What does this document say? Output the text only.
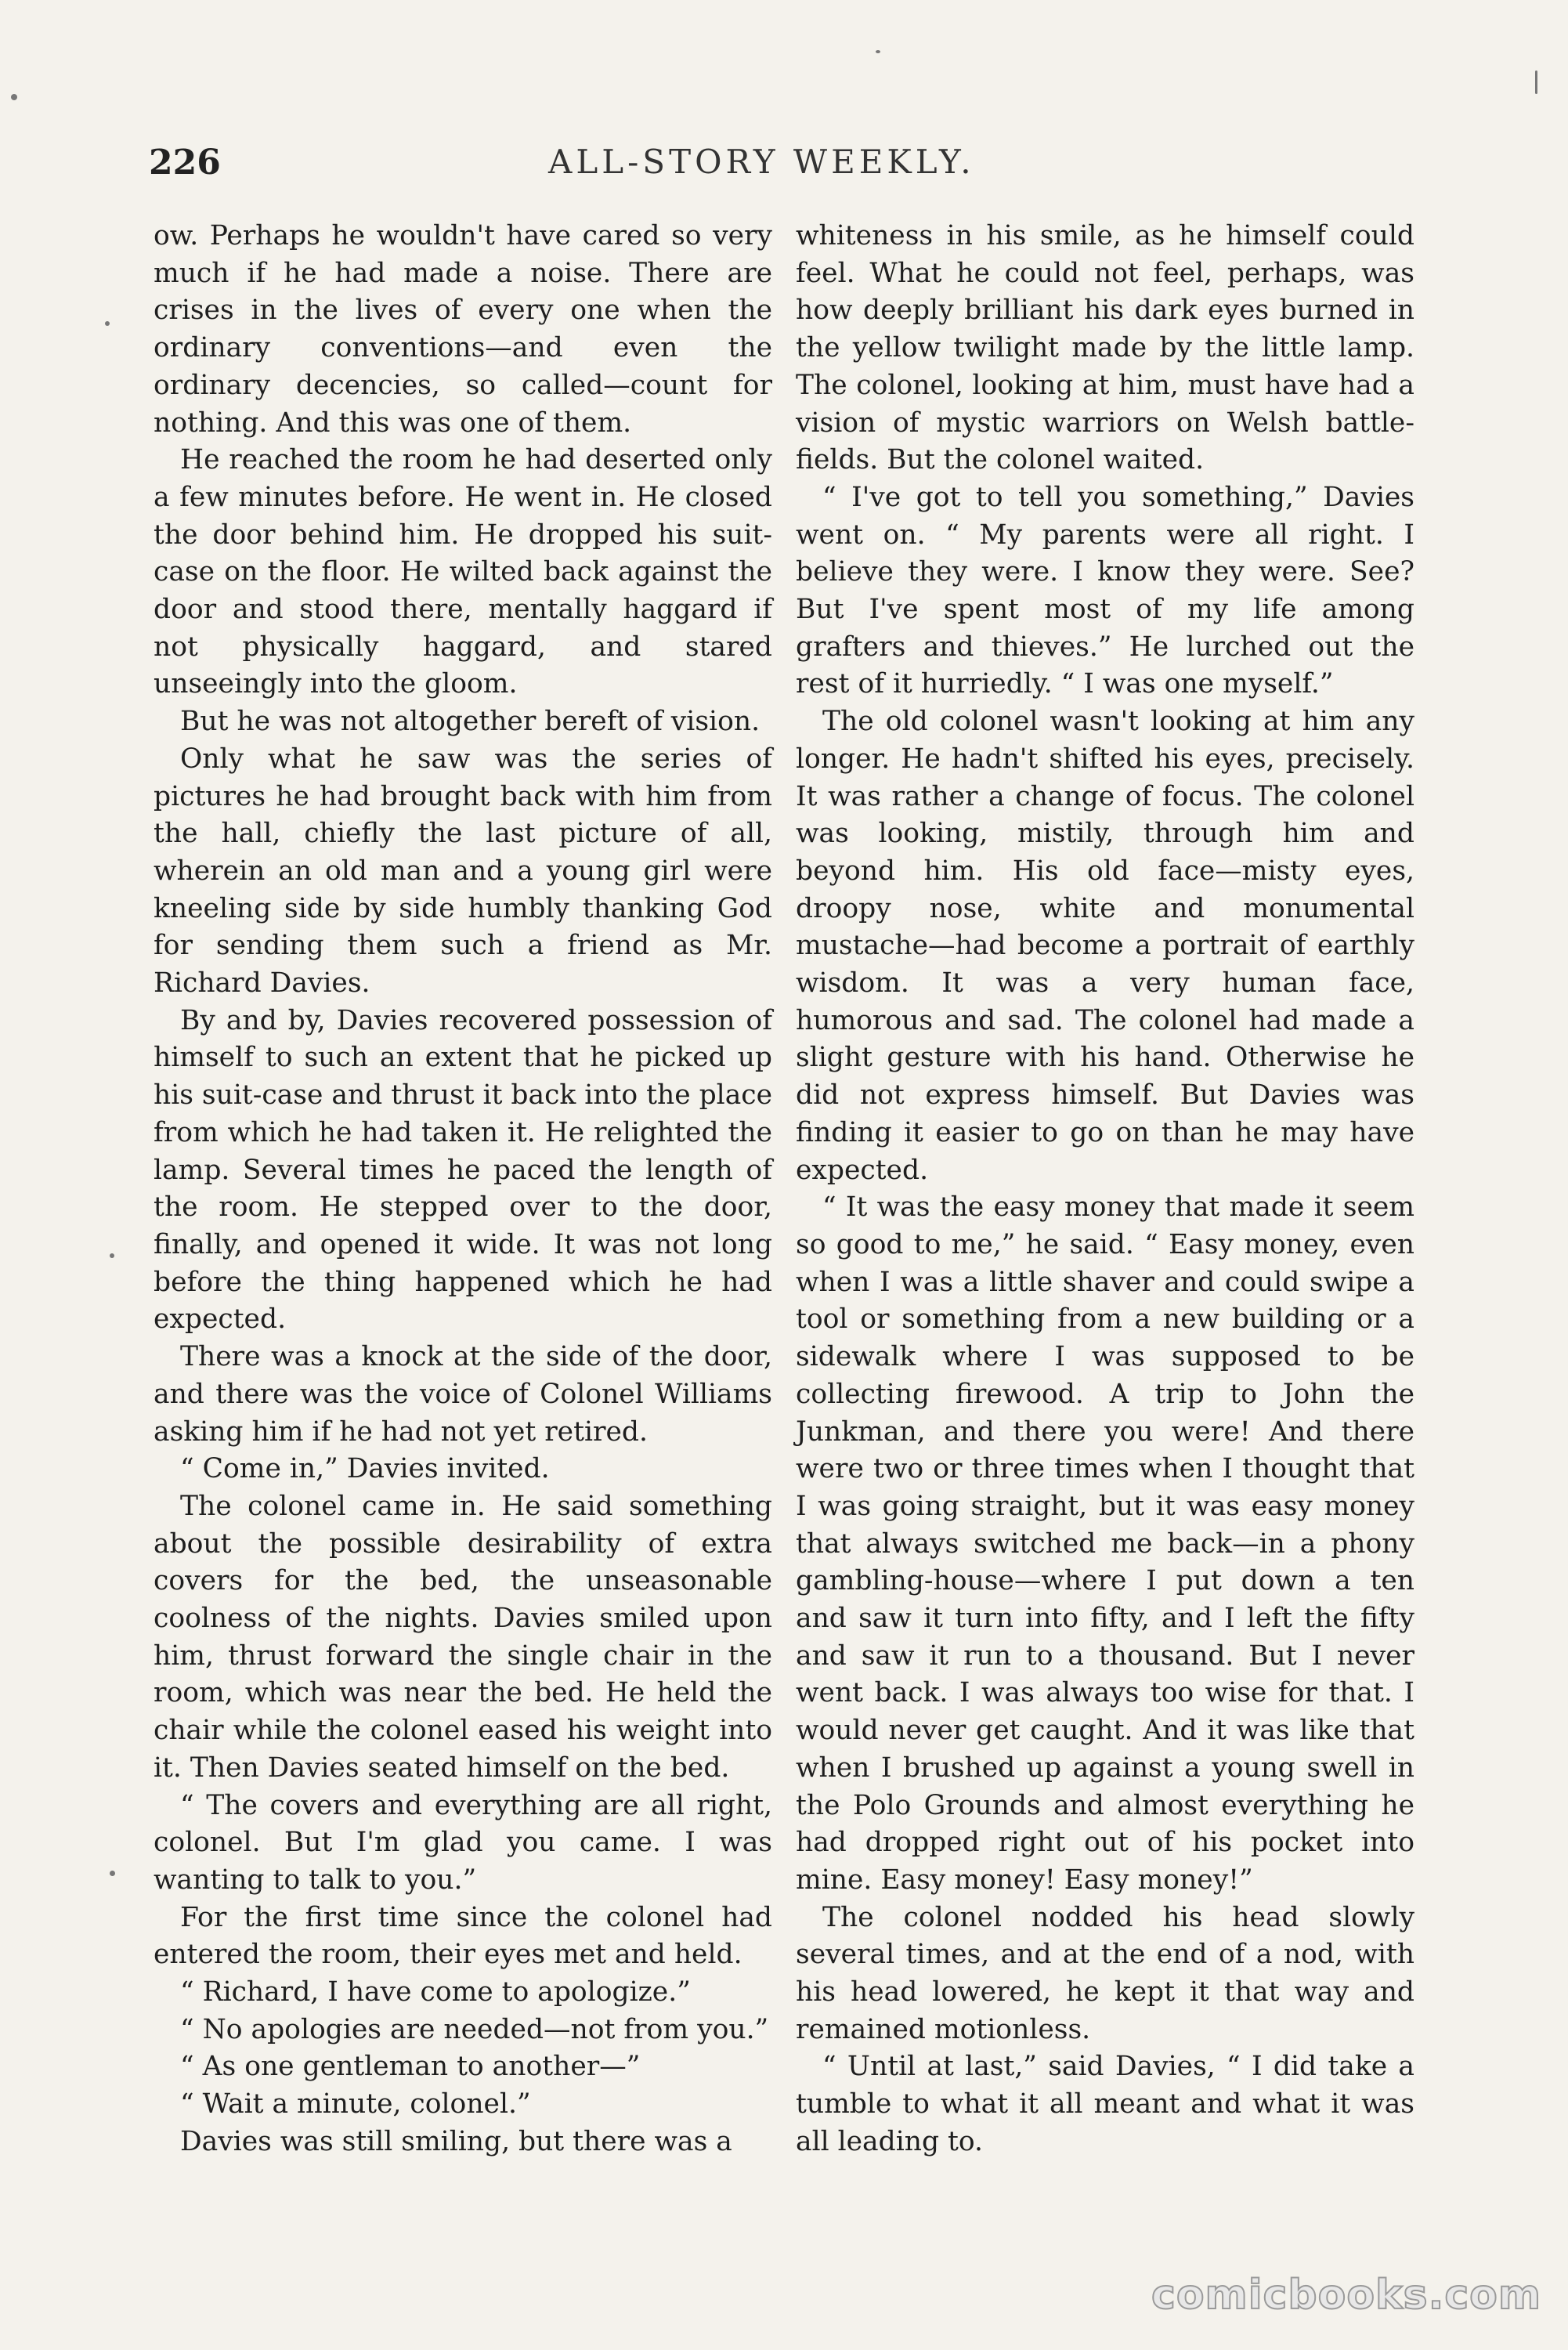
226	ALL-STORY WEEKLY.

ow. Perhaps he wouldn't have cared so very much if he had made a noise. There are crises in the lives of every one when the ordinary conventions—and even the ordinary decencies, so called—count for nothing. And this was one of them.

He reached the room he had deserted only a few minutes before. He went in. He closed the door behind him. He dropped his suit-case on the floor. He wilted back against the door and stood there, mentally haggard if not physically haggard, and stared unseeingly into the gloom.

But he was not altogether bereft of vision.

Only what he saw was the series of pictures he had brought back with him from the hall, chiefly the last picture of all, wherein an old man and a young girl were kneeling side by side humbly thanking God for sending them such a friend as Mr. Richard Davies.

By and by, Davies recovered possession of himself to such an extent that he picked up his suit-case and thrust it back into the place from which he had taken it. He relighted the lamp. Several times he paced the length of the room. He stepped over to the door, finally, and opened it wide. It was not long before the thing happened which he had expected.

There was a knock at the side of the door, and there was the voice of Colonel Williams asking him if he had not yet retired.

“ Come in,” Davies invited.

The colonel came in. He said something about the possible desirability of extra covers for the bed, the unseasonable coolness of the nights. Davies smiled upon him, thrust forward the single chair in the room, which was near the bed. He held the chair while the colonel eased his weight into it. Then Davies seated himself on the bed.

“ The covers and everything are all right, colonel. But I'm glad you came. I was wanting to talk to you.”

For the first time since the colonel had entered the room, their eyes met and held.

“ Richard, I have come to apologize.”

“ No apologies are needed—not from you.”

“ As one gentleman to another—”

“ Wait a minute, colonel.”

Davies was still smiling, but there was a

whiteness in his smile, as he himself could feel. What he could not feel, perhaps, was how deeply brilliant his dark eyes burned in the yellow twilight made by the little lamp. The colonel, looking at him, must have had a vision of mystic warriors on Welsh battle-fields. But the colonel waited.

“ I've got to tell you something,” Davies went on. “ My parents were all right. I believe they were. I know they were. See? But I've spent most of my life among grafters and thieves.” He lurched out the rest of it hurriedly. “ I was one myself.”

The old colonel wasn't looking at him any longer. He hadn't shifted his eyes, precisely. It was rather a change of focus. The colonel was looking, mistily, through him and beyond him. His old face—misty eyes, droopy nose, white and monumental mustache—had become a portrait of earthly wisdom. It was a very human face, humorous and sad. The colonel had made a slight gesture with his hand. Otherwise he did not express himself. But Davies was finding it easier to go on than he may have expected.

“ It was the easy money that made it seem so good to me,” he said. “ Easy money, even when I was a little shaver and could swipe a tool or something from a new building or a sidewalk where I was supposed to be collecting firewood. A trip to John the Junkman, and there you were! And there were two or three times when I thought that I was going straight, but it was easy money that always switched me back—in a phony gambling-house—where I put down a ten and saw it turn into fifty, and I left the fifty and saw it run to a thousand. But I never went back. I was always too wise for that. I would never get caught. And it was like that when I brushed up against a young swell in the Polo Grounds and almost everything he had dropped right out of his pocket into mine. Easy money! Easy money!”

The colonel nodded his head slowly several times, and at the end of a nod, with his head lowered, he kept it that way and remained motionless.

“ Until at last,” said Davies, “ I did take a tumble to what it all meant and what it was all leading to.

comicbooks.com
